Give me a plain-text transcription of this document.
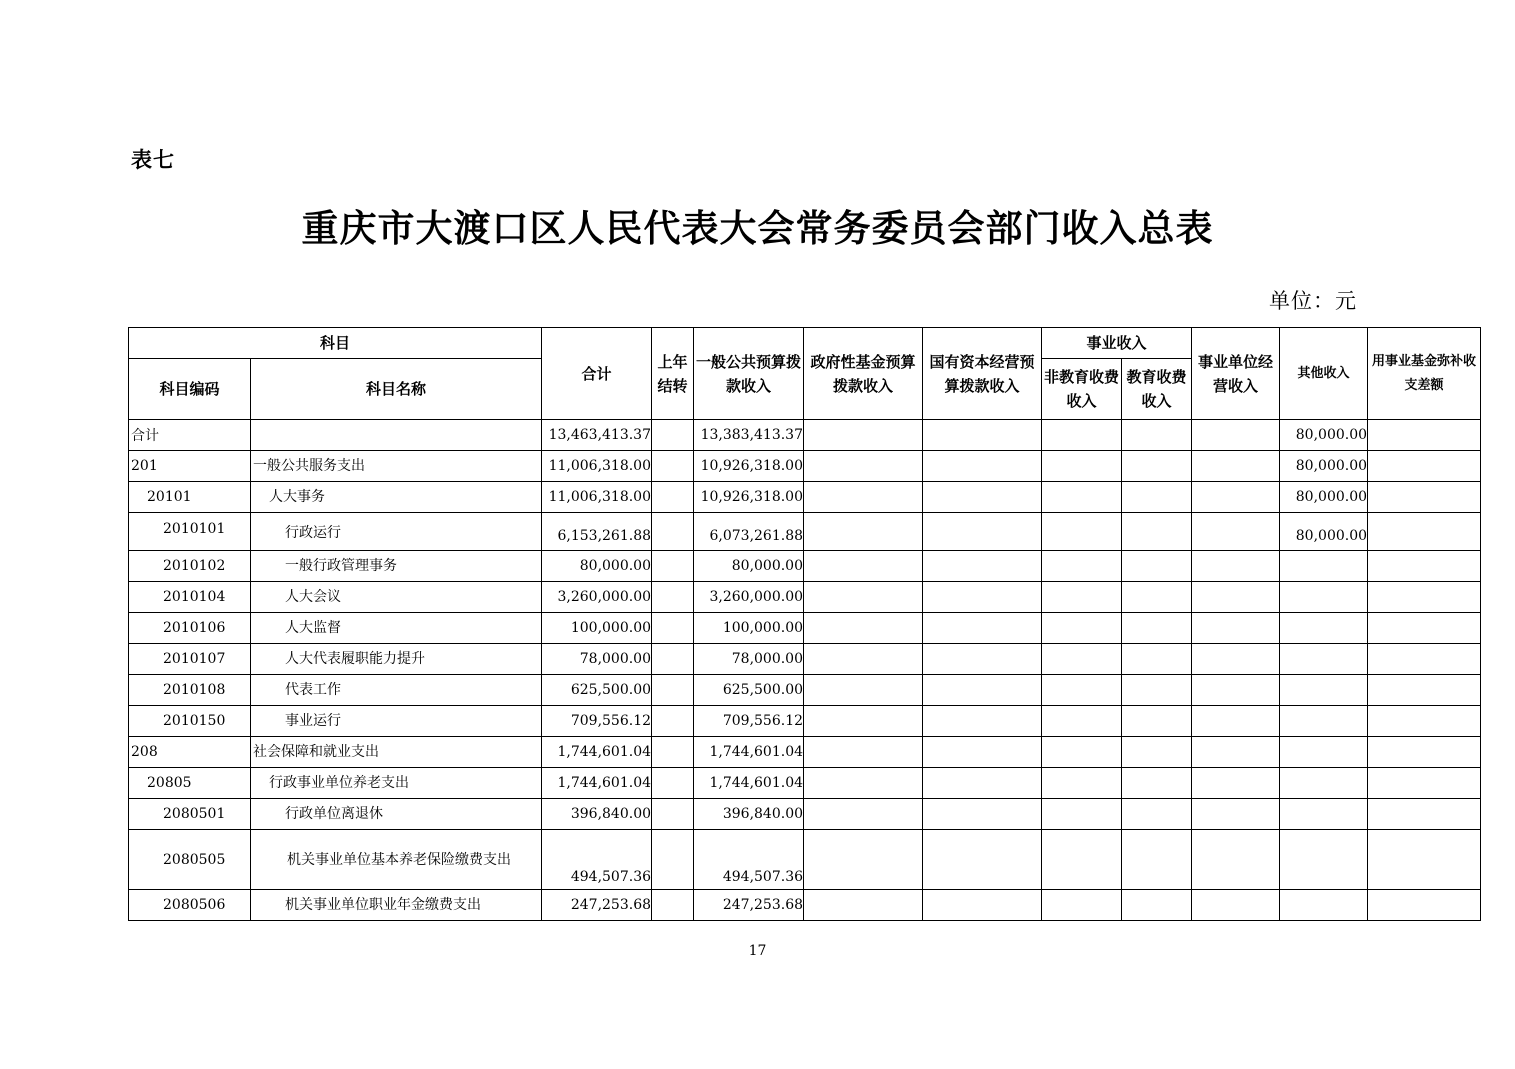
表七
重庆市大渡口区人民代表大会常务委员会部门收入总表
单位：元
科目		合计	上年结转	一般公共预算拨款收入	政府性基金预算拨款收入	国有资本经营预算拨款收入	事业收入		事业单位经营收入	其他收入	用事业基金弥补收支差额
科目编码	科目名称						非教育收费收入	教育收费收入			
合计		13,463,413.37		13,383,413.37						80,000.00	
201	一般公共服务支出	11,006,318.00		10,926,318.00						80,000.00	
20101	人大事务	11,006,318.00		10,926,318.00						80,000.00	
2010101	行政运行	6,153,261.88		6,073,261.88						80,000.00	
2010102	一般行政管理事务	80,000.00		80,000.00							
2010104	人大会议	3,260,000.00		3,260,000.00							
2010106	人大监督	100,000.00		100,000.00							
2010107	人大代表履职能力提升	78,000.00		78,000.00							
2010108	代表工作	625,500.00		625,500.00							
2010150	事业运行	709,556.12		709,556.12							
208	社会保障和就业支出	1,744,601.04		1,744,601.04							
20805	行政事业单位养老支出	1,744,601.04		1,744,601.04							
2080501	行政单位离退休	396,840.00		396,840.00							
2080505	机关事业单位基本养老保险缴费支出	494,507.36		494,507.36							
2080506	机关事业单位职业年金缴费支出	247,253.68		247,253.68							
17
